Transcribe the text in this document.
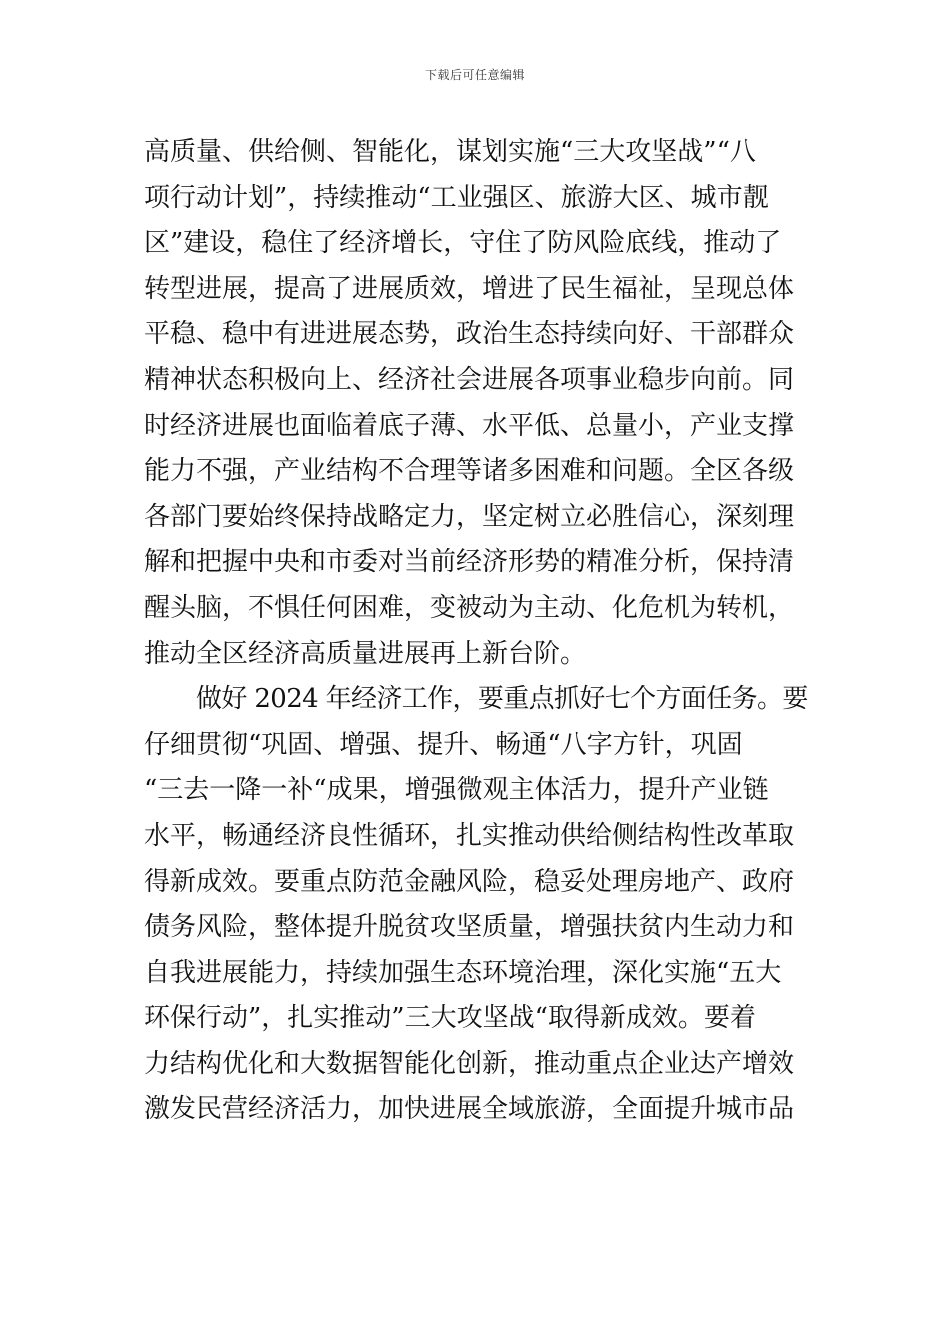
下载后可任意编辑
高质量、供给侧、智能化，谋划实施“三大攻坚战”“八
项行动计划”，持续推动“工业强区、旅游大区、城市靓
区”建设，稳住了经济增长，守住了防风险底线，推动了
转型进展，提高了进展质效，增进了民生福祉，呈现总体
平稳、稳中有进进展态势，政治生态持续向好、干部群众
精神状态积极向上、经济社会进展各项事业稳步向前。同
时经济进展也面临着底子薄、水平低、总量小，产业支撑
能力不强，产业结构不合理等诸多困难和问题。全区各级
各部门要始终保持战略定力，坚定树立必胜信心，深刻理
解和把握中央和市委对当前经济形势的精准分析，保持清
醒头脑，不惧任何困难，变被动为主动、化危机为转机，
推动全区经济高质量进展再上新台阶。
做好 2024 年经济工作，要重点抓好七个方面任务。要
仔细贯彻“巩固、增强、提升、畅通“八字方针，巩固
“三去一降一补“成果，增强微观主体活力，提升产业链
水平，畅通经济良性循环，扎实推动供给侧结构性改革取
得新成效。要重点防范金融风险，稳妥处理房地产、政府
债务风险，整体提升脱贫攻坚质量，增强扶贫内生动力和
自我进展能力，持续加强生态环境治理，深化实施“五大
环保行动”，扎实推动”三大攻坚战“取得新成效。要着
力结构优化和大数据智能化创新，推动重点企业达产增效
激发民营经济活力，加快进展全域旅游，全面提升城市品
